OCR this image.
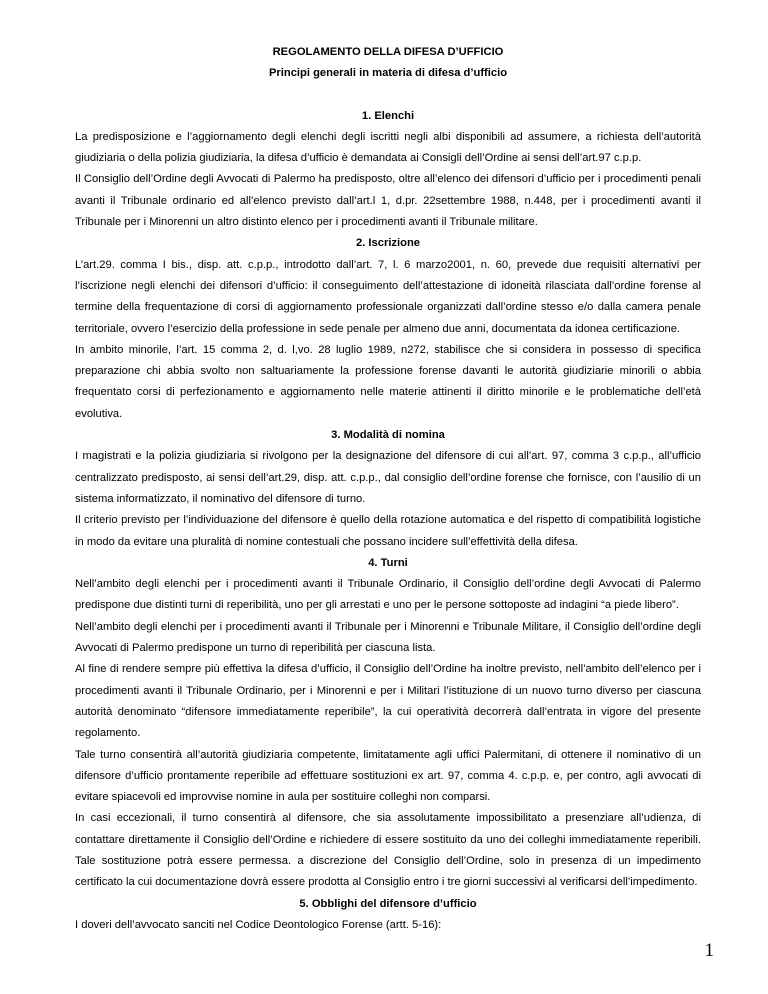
REGOLAMENTO DELLA DIFESA D’UFFICIO

Principi generali in materia di difesa d’ufficio

1. Elenchi

La predisposizione e l’aggiornamento degli elenchi degli iscritti negli albi disponibili ad assumere, a richiesta dell’autorità giudiziaria o della polizia giudiziaria, la difesa d’ufficio è demandata ai Consigli dell’Ordine ai sensi dell’art.97 c.p.p.

Il Consiglio dell’Ordine degli Avvocati di Palermo ha predisposto, oltre all’elenco dei difensori d’ufficio per i procedimenti penali avanti il Tribunale ordinario ed all’elenco previsto dall’art.l 1, d.pr. 22settembre 1988, n.448, per i procedimenti avanti il Tribunale per i Minorenni un altro distinto elenco per i procedimenti avanti il Tribunale militare.

2. Iscrizione

L’art.29. comma I bis., disp. att. c.p.p., introdotto dall’art. 7, l. 6 marzo2001, n. 60, prevede due requisiti alternativi per l’iscrizione negli elenchi dei difensori d’ufficio: il conseguimento dell’attestazione di idoneità rilasciata dall’ordine forense al termine della frequentazione di corsi di aggiornamento professionale organizzati dall’ordine stesso e/o dalla camera penale territoriale, ovvero l’esercizio della professione in sede penale per almeno due anni, documentata da idonea certificazione.

In ambito minorile, l’art. 15 comma 2, d. l,vo. 28 luglio 1989, n272, stabilisce che si considera in possesso di specifica preparazione chi abbia svolto non saltuariamente la professione forense davanti le autorità giudiziarie minorili o abbia frequentato corsi di perfezionamento e aggiornamento nelle materie attinenti il diritto minorile e le problematiche dell’età evolutiva.

3. Modalità di nomina

I magistrati e la polizia giudiziaria si rivolgono per la designazione del difensore di cui all’art. 97, comma 3 c.p.p., all’ufficio centralizzato predisposto, ai sensi dell’art.29, disp. att. c.p.p., dal consiglio dell’ordine forense che fornisce, con l’ausilio di un sistema informatizzato, il nominativo del difensore di turno.

Il criterio previsto per l’individuazione del difensore è quello della rotazione automatica e del rispetto di compatibilità logistiche in modo da evitare una pluralità di nomine contestuali che possano incidere sull’effettività della difesa.

4. Turni

Nell’ambito degli elenchi per i procedimenti avanti il Tribunale Ordinario, il Consiglio dell’ordine degli Avvocati di Palermo predispone due distinti turni di reperibilità, uno per gli arrestati e uno per le persone sottoposte ad indagini “a piede libero”.

Nell’ambito degli elenchi per i procedimenti avanti il Tribunale per i Minorenni e Tribunale Militare, il Consiglio dell’ordine degli Avvocati di Palermo predispone un turno di reperibilità per ciascuna lista.

Al fine di rendere sempre più effettiva la difesa d’ufficio, il Consiglio dell’Ordine ha inoltre previsto, nell’ambito dell’elenco per i procedimenti avanti il Tribunale Ordinario, per i Minorenni e per i Militari l’istituzione di un nuovo turno diverso per ciascuna autorità denominato “difensore immediatamente reperibile”, la cui operatività decorrerà dall’entrata in vigore del presente regolamento.

Tale turno consentirà all’autorità giudiziaria competente, limitatamente agli uffici Palermitani, di ottenere il nominativo di un difensore d’ufficio prontamente reperibile ad effettuare sostituzioni ex art. 97, comma 4. c.p.p. e, per contro, agli avvocati di evitare spiacevoli ed improvvise nomine in aula per sostituire colleghi non comparsi.

In casi eccezionali, il turno consentirà al difensore, che sia assolutamente impossibilitato a presenziare all’udienza, di contattare direttamente il Consiglio dell’Ordine e richiedere di essere sostituito da uno dei colleghi immediatamente reperibili. Tale sostituzione potrà essere permessa. a discrezione del Consiglio dell’Ordine, solo in presenza di un impedimento certificato la cui documentazione dovrà essere prodotta al Consiglio entro i tre giorni successivi al verificarsi dell’impedimento.

5. Obblighi del difensore d’ufficio

I doveri dell’avvocato sanciti nel Codice Deontologico Forense (artt. 5-16):

1
